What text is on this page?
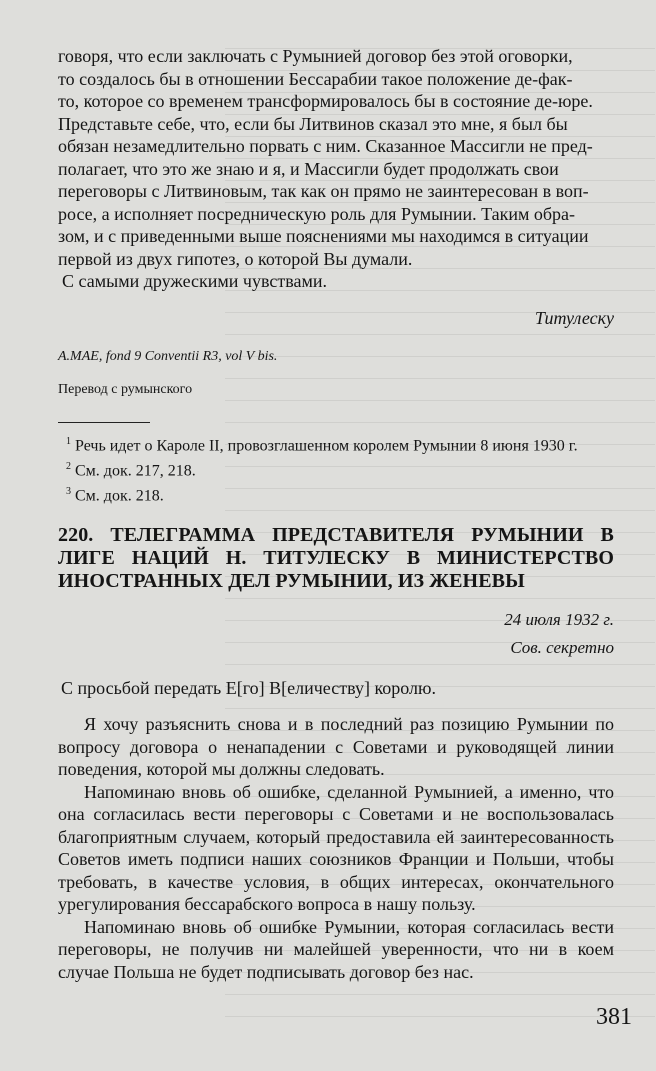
говоря, что если заключать с Румынией договор без этой оговорки,

то создалось бы в отношении Бессарабии такое положение де-фак-

то, которое со временем трансформировалось бы в состояние де-юре.

Представьте себе, что, если бы Литвинов сказал это мне, я был бы

обязан незамедлительно порвать с ним. Сказанное Массигли не пред-

полагает, что это же знаю и я, и Массигли будет продолжать свои

переговоры с Литвиновым, так как он прямо не заинтересован в воп-

росе, а исполняет посредническую роль для Румынии. Таким обра-

зом, и с приведенными выше пояснениями мы находимся в ситуации

первой из двух гипотез, о которой Вы думали.

С самыми дружескими чувствами.

Титулеску
A.MAE, fond 9 Conventii R3, vol V bis.
Перевод с румынского

$^1$ Речь идет о Кароле II, провозглашенном королем Румынии 8 июня 1930 г.

$^2$ См. док. 217, 218.

$^3$ См. док. 218.

220. ТЕЛЕГРАММА ПРЕДСТАВИТЕЛЯ РУМЫНИИ В ЛИГЕ НАЦИЙ Н. ТИТУЛЕСКУ В МИНИСТЕРСТВО ИНОСТРАННЫХ ДЕЛ РУМЫНИИ, ИЗ ЖЕНЕВЫ
24 июля 1932 г.
Сов. секретно
С просьбой передать Е[го] В[еличеству] королю.

Я хочу разъяснить снова и в последний раз позицию Румынии по вопросу договора о ненападении с Советами и руководящей линии поведения, которой мы должны следовать.

Напоминаю вновь об ошибке, сделанной Румынией, а именно, что она согласилась вести переговоры с Советами и не воспользовалась благоприятным случаем, который предоставила ей заинтересованность Советов иметь подписи наших союзников Франции и Польши, чтобы требовать, в качестве условия, в общих интересах, окончательного урегулирования бессарабского вопроса в нашу пользу.

Напоминаю вновь об ошибке Румынии, которая согласилась вести переговоры, не получив ни малейшей уверенности, что ни в коем случае Польша не будет подписывать договор без нас.

381
